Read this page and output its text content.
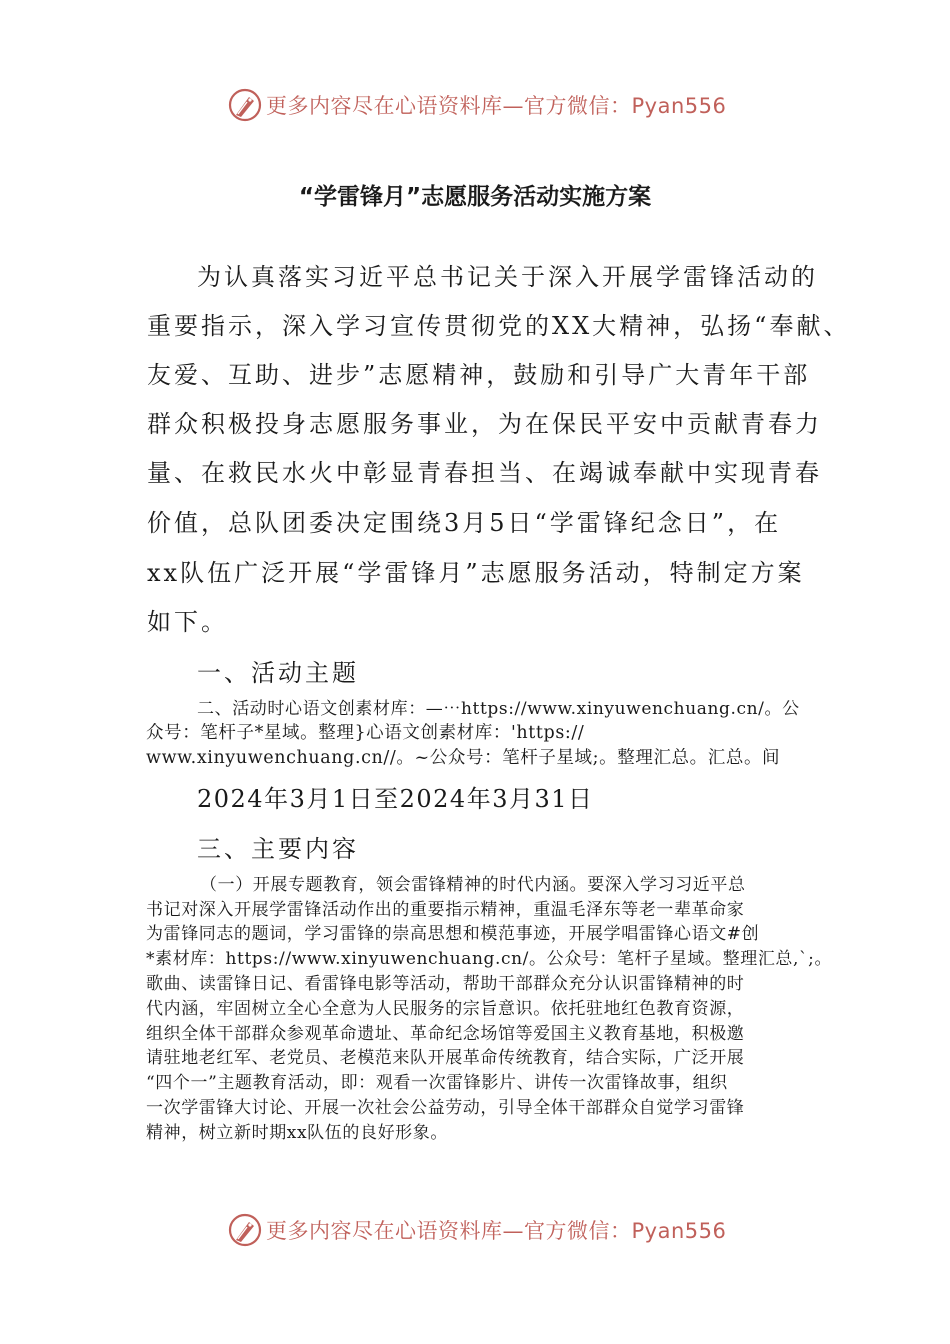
更多内容尽在心语资料库—官方微信：Pyan556
“学雷锋月”志愿服务活动实施方案
为认真落实习近平总书记关于深入开展学雷锋活动的
重要指示，深入学习宣传贯彻党的XX大精神，弘扬“奉献、
友爱、互助、进步”志愿精神，鼓励和引导广大青年干部
群众积极投身志愿服务事业，为在保民平安中贡献青春力
量、在救民水火中彰显青春担当、在竭诚奉献中实现青春
价值，总队团委决定围绕3月5日“学雷锋纪念日”，在
xx队伍广泛开展“学雷锋月”志愿服务活动，特制定方案
如下。
一、活动主题
二、活动时心语文创素材库：—⋯https://www.xinyuwenchuang.cn/。公
众号：笔杆子*星域。整理}心语文创素材库：'https://
www.xinyuwenchuang.cn//。~公众号：笔杆子星域;。整理汇总。汇总。间
2024年3月1日至2024年3月31日
三、主要内容
（一）开展专题教育，领会雷锋精神的时代内涵。要深入学习习近平总
书记对深入开展学雷锋活动作出的重要指示精神，重温毛泽东等老一辈革命家
为雷锋同志的题词，学习雷锋的崇高思想和模范事迹，开展学唱雷锋心语文#创
*素材库：https://www.xinyuwenchuang.cn/。公众号：笔杆子星域。整理汇总,`;。
歌曲、读雷锋日记、看雷锋电影等活动，帮助干部群众充分认识雷锋精神的时
代内涵，牢固树立全心全意为人民服务的宗旨意识。依托驻地红色教育资源，
组织全体干部群众参观革命遗址、革命纪念场馆等爱国主义教育基地，积极邀
请驻地老红军、老党员、老模范来队开展革命传统教育，结合实际，广泛开展
“四个一”主题教育活动，即：观看一次雷锋影片、讲传一次雷锋故事，组织
一次学雷锋大讨论、开展一次社会公益劳动，引导全体干部群众自觉学习雷锋
精神，树立新时期xx队伍的良好形象。
更多内容尽在心语资料库—官方微信：Pyan556
